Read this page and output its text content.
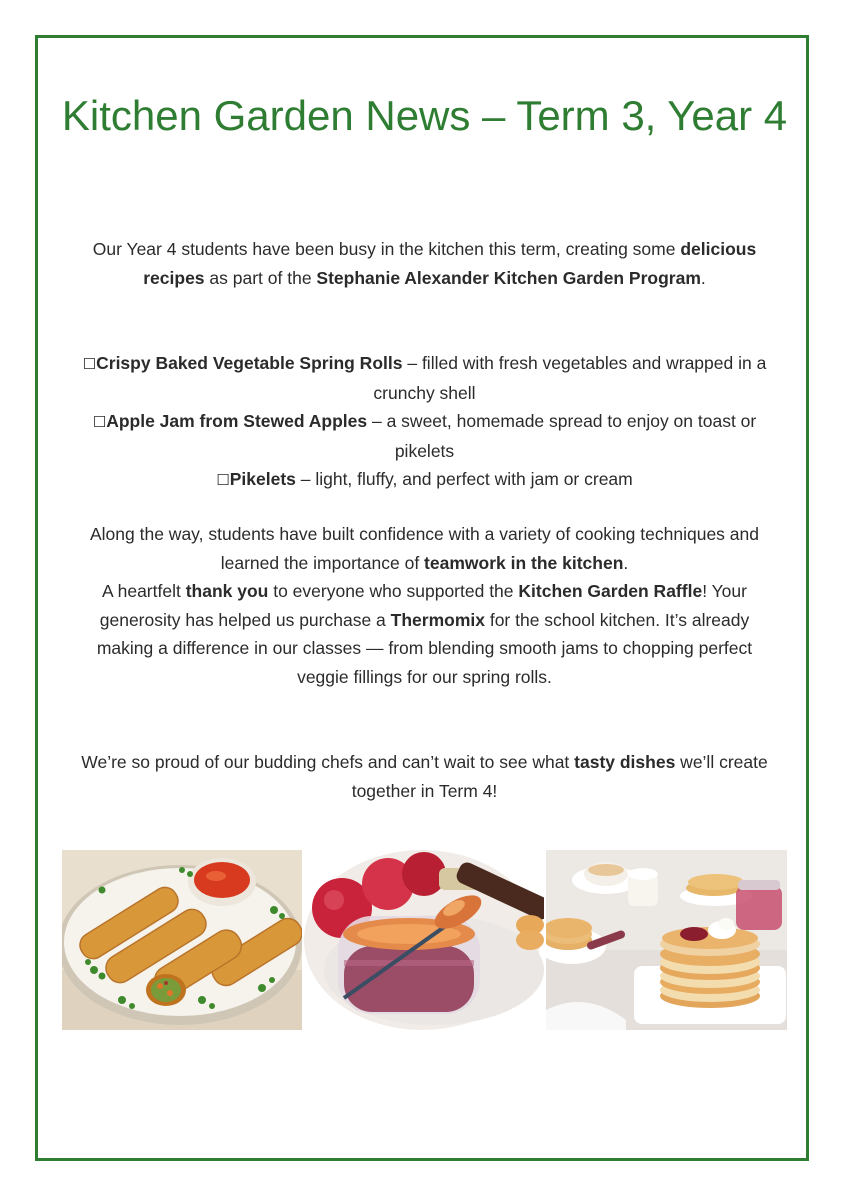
Kitchen Garden News – Term 3, Year 4

Our Year 4 students have been busy in the kitchen this term, creating some delicious recipes as part of the Stephanie Alexander Kitchen Garden Program.

☐Crispy Baked Vegetable Spring Rolls – filled with fresh vegetables and wrapped in a crunchy shell
☐Apple Jam from Stewed Apples – a sweet, homemade spread to enjoy on toast or pikelets
☐Pikelets – light, fluffy, and perfect with jam or cream

Along the way, students have built confidence with a variety of cooking techniques and learned the importance of teamwork in the kitchen.

A heartfelt thank you to everyone who supported the Kitchen Garden Raffle! Your generosity has helped us purchase a Thermomix for the school kitchen. It’s already making a difference in our classes — from blending smooth jams to chopping perfect veggie fillings for our spring rolls.

We’re so proud of our budding chefs and can’t wait to see what tasty dishes we’ll create together in Term 4!
